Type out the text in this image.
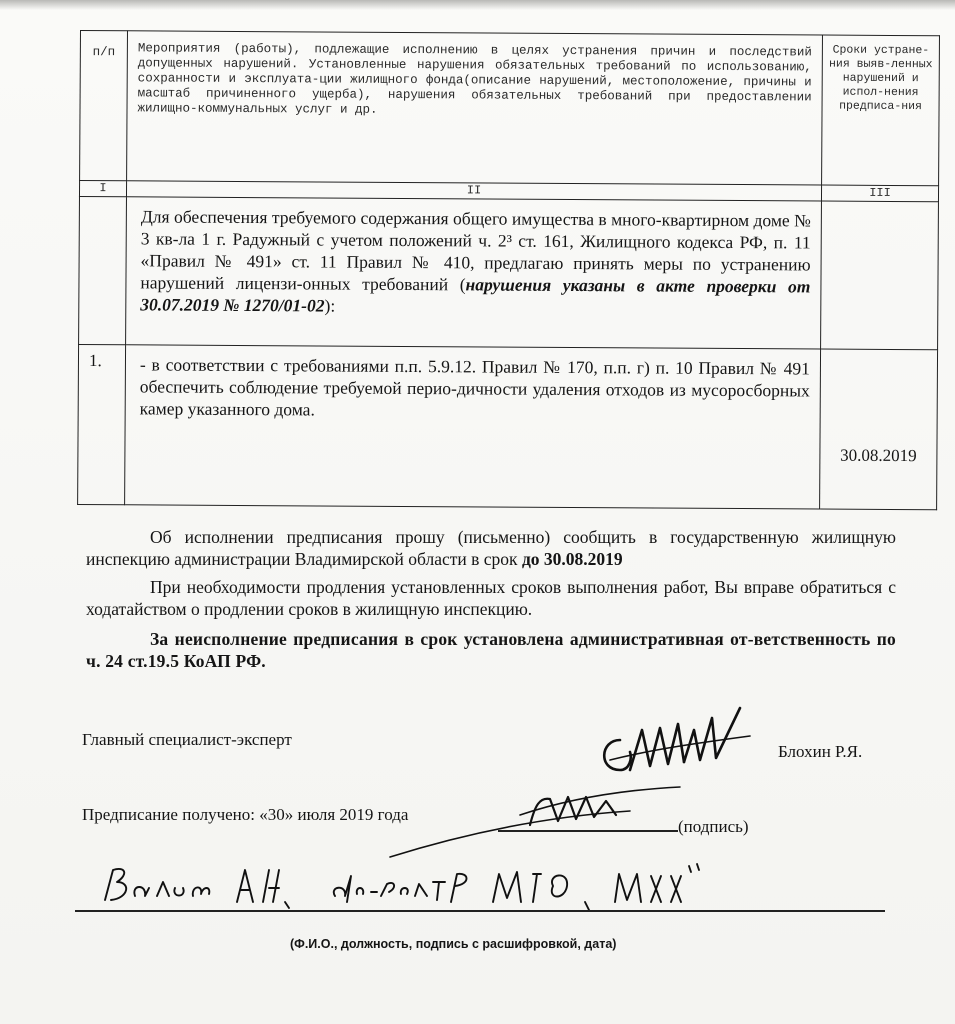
п/п	Мероприятия (работы), подлежащие исполнению в целях устранения причин и последствий допущенных нарушений. Установленные нарушения обязательных требований по использованию, сохранности и эксплуата-ции жилищного фонда(описание нарушений, местоположение, причины и масштаб причиненного ущерба), нарушения обязательных требований при предоставлении жилищно-коммунальных услуг и др.	Сроки устране-ния выяв-ленных нарушений и испол-нения предписа-ния
I	II	III
	Для обеспечения требуемого содержания общего имущества в много-квартирном доме № 3 кв-ла 1 г. Радужный с учетом положений ч. 2³ ст. 161, Жилищного кодекса РФ, п. 11 «Правил № 491» ст. 11 Правил № 410, предлагаю принять меры по устранению нарушений лицензи-онных требований (нарушения указаны в акте проверки от 30.07.2019 № 1270/01-02):	
1.	- в соответствии с требованиями п.п. 5.9.12. Правил № 170, п.п. г) п. 10 Правил № 491 обеспечить соблюдение требуемой перио-дичности удаления отходов из мусоросборных камер указанного дома.	30.08.2019
Об исполнении предписания прошу (письменно) сообщить в государственную жилищную инспекцию администрации Владимирской области в срок до 30.08.2019
При необходимости продления установленных сроков выполнения работ, Вы вправе обратиться с ходатайством о продлении сроков в жилищную инспекцию.
За неисполнение предписания в срок установлена административная от-ветственность по ч. 24 ст.19.5 КоАП РФ.
Главный специалист-эксперт
Блохин Р.Я.
Предписание получено: «30» июля 2019 года
(подпись)
(Ф.И.О., должность, подпись с расшифровкой, дата)
